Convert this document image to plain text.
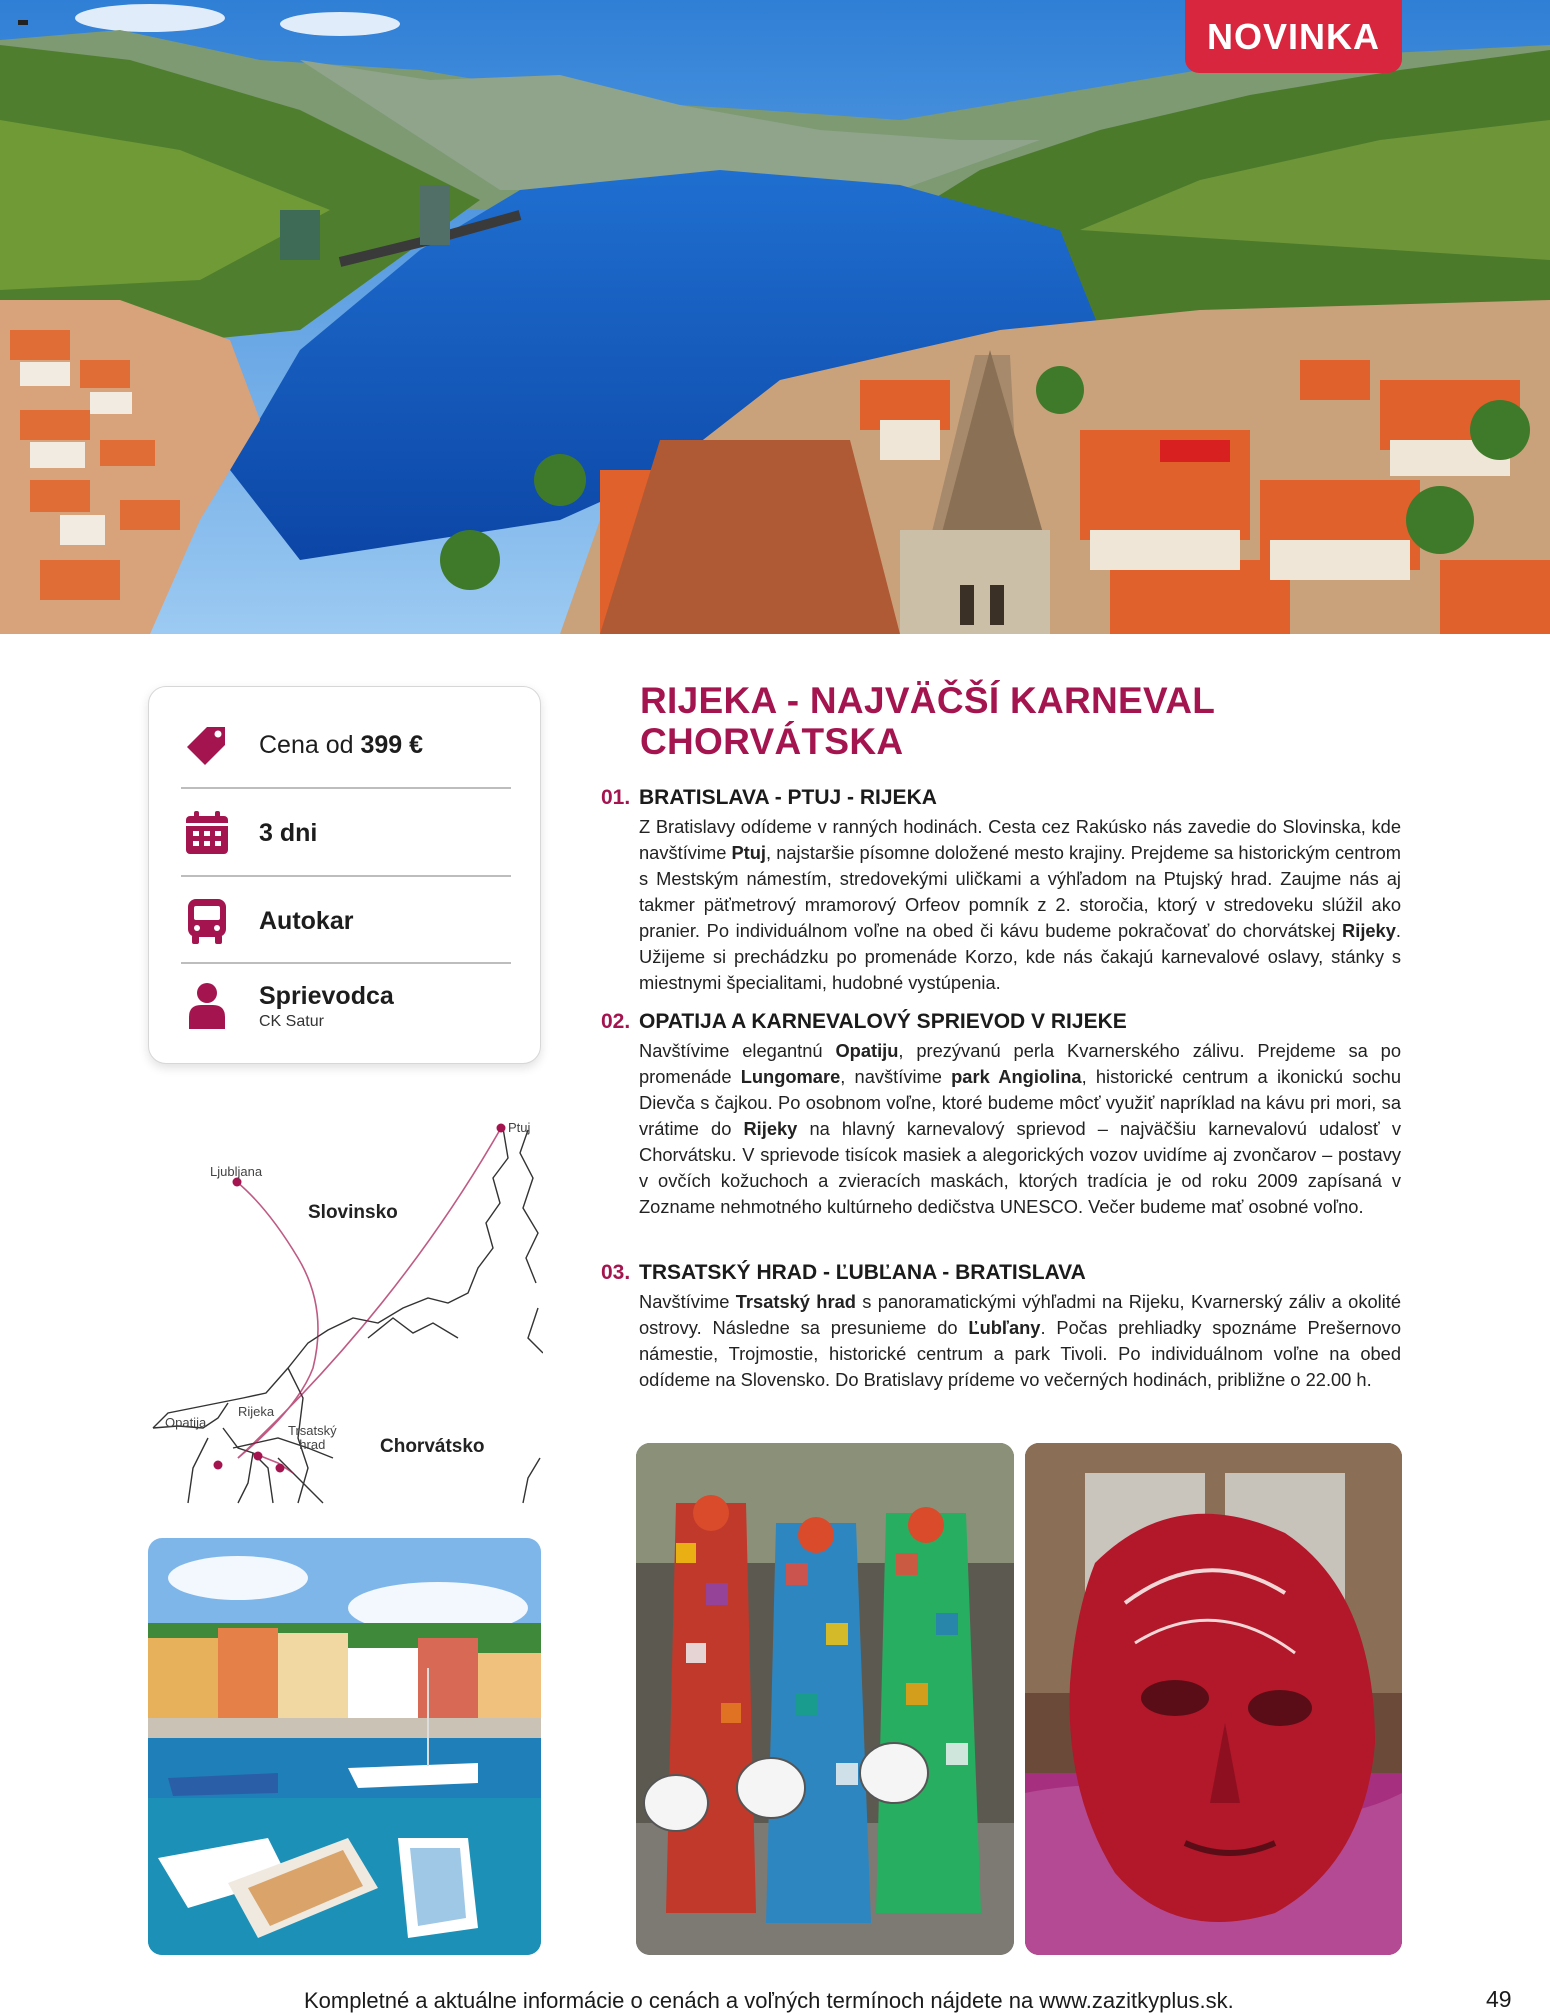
NOVINKA
Cena od 399 €
3 dni
Autokar
Sprievodca
CK Satur
Ptuj
Ljubljana
Slovinsko
Rijeka
Opatija
Trsatský
hrad	Chorvátsko
RIJEKA - NAJVÄČŠÍ KARNEVAL
CHORVÁTSKA
01. BRATISLAVA - PTUJ - RIJEKA
Z Bratislavy odídeme v ranných hodinách. Cesta cez Rakúsko nás zavedie do Slovinska, kde navštívime Ptuj, najstaršie písomne doložené mesto krajiny. Prejdeme sa historickým centrom s Mestským námestím, stredovekými uličkami a výhľadom na Ptujský hrad. Zaujme nás aj takmer päťmetrový mramorový Orfeov pomník z 2. storočia, ktorý v stredoveku slúžil ako pranier. Po individuálnom voľne na obed či kávu budeme pokračovať do chorvátskej Rijeky. Užijeme si prechádzku po promenáde Korzo, kde nás čakajú karnevalové oslavy, stánky s miestnymi špecialitami, hudobné vystúpenia.
02. OPATIJA A KARNEVALOVÝ SPRIEVOD V RIJEKE
Navštívime elegantnú Opatiju, prezývanú perla Kvarnerského zálivu. Prejdeme sa po promenáde Lungomare, navštívime park Angiolina, historické centrum a ikonickú sochu Dievča s čajkou. Po osobnom voľne, ktoré budeme môcť využiť napríklad na kávu pri mori, sa vrátime do Rijeky na hlavný karnevalový sprievod – najväčšiu karnevalovú udalosť v Chorvátsku. V sprievode tisícok masiek a alegorických vozov uvidíme aj zvončarov – postavy v ovčích kožuchoch a zvieracích maskách, ktorých tradícia je od roku 2009 zapísaná v Zozname nehmotného kultúrneho dedičstva UNESCO. Večer budeme mať osobné voľno.
03. TRSATSKÝ HRAD - ĽUBĽANA - BRATISLAVA
Navštívime Trsatský hrad s panoramatickými výhľadmi na Rijeku, Kvarnerský záliv a okolité ostrovy. Následne sa presunieme do Ľubľany. Počas prehliadky spoznáme Prešernovo námestie, Trojmostie, historické centrum a park Tivoli. Po individuálnom voľne na obed odídeme na Slovensko. Do Bratislavy prídeme vo večerných hodinách, približne o 22.00 h.
Kompletné a aktuálne informácie o cenách a voľných termínoch nájdete na www.zazitkyplus.sk.	49
